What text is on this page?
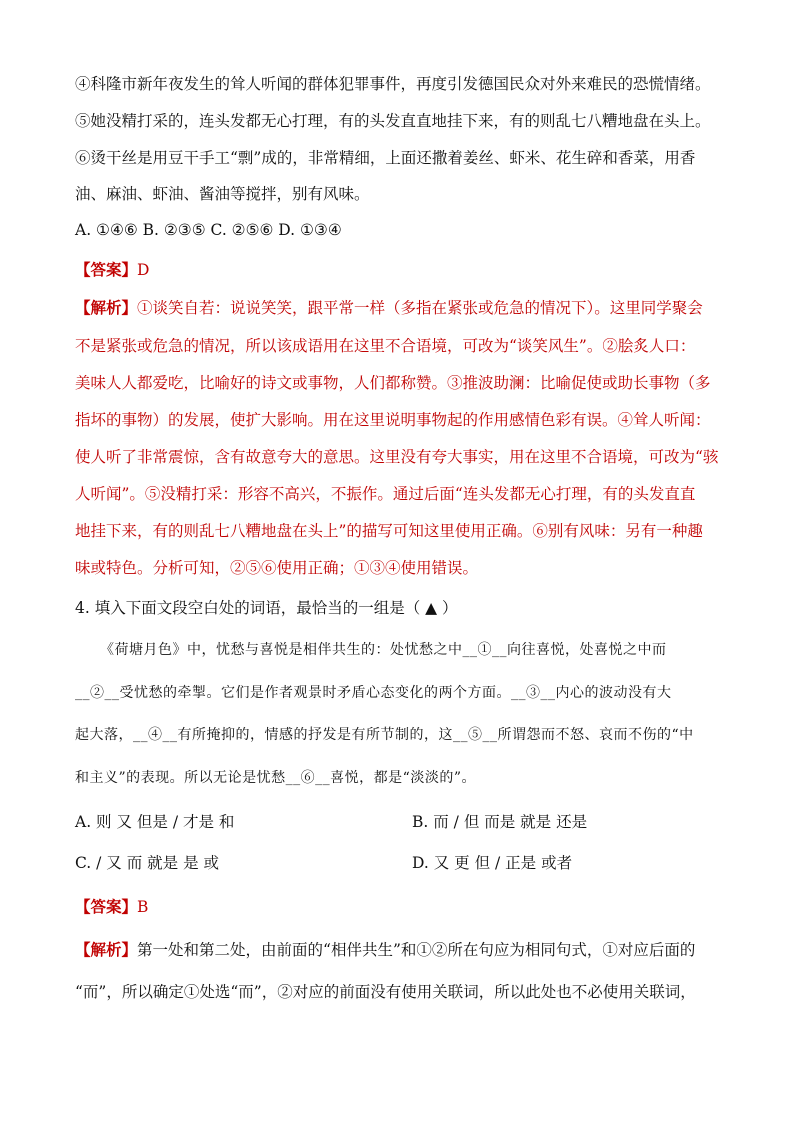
④科隆市新年夜发生的耸人听闻的群体犯罪事件，再度引发德国民众对外来难民的恐慌情绪。
⑤她没精打采的，连头发都无心打理，有的头发直直地挂下来，有的则乱七八糟地盘在头上。
⑥烫干丝是用豆干手工“剽”成的，非常精细，上面还撒着姜丝、虾米、花生碎和香菜，用香
油、麻油、虾油、酱油等搅拌，别有风味。
A. ①④⑥ B. ②③⑤ C. ②⑤⑥ D. ①③④
【答案】D
【解析】①谈笑自若：说说笑笑，跟平常一样（多指在紧张或危急的情况下）。这里同学聚会
不是紧张或危急的情况，所以该成语用在这里不合语境，可改为“谈笑风生”。②脍炙人口：
美味人人都爱吃，比喻好的诗文或事物，人们都称赞。③推波助澜：比喻促使或助长事物（多
指坏的事物）的发展，使扩大影响。用在这里说明事物起的作用感情色彩有误。④耸人听闻：
使人听了非常震惊，含有故意夸大的意思。这里没有夸大事实，用在这里不合语境，可改为“骇
人听闻”。⑤没精打采：形容不高兴，不振作。通过后面“连头发都无心打理，有的头发直直
地挂下来，有的则乱七八糟地盘在头上”的描写可知这里使用正确。⑥别有风味：另有一种趣
味或特色。分析可知，②⑤⑥使用正确；①③④使用错误。
4. 填入下面文段空白处的词语，最恰当的一组是（ ▲ ）
《荷塘月色》中，忧愁与喜悦是相伴共生的：处忧愁之中__①__向往喜悦，处喜悦之中而
__②__受忧愁的牵掣。它们是作者观景时矛盾心态变化的两个方面。__③__内心的波动没有大
起大落，__④__有所掩抑的，情感的抒发是有所节制的，这__⑤__所谓怨而不怒、哀而不伤的“中
和主义”的表现。所以无论是忧愁__⑥__喜悦，都是“淡淡的”。
A. 则 又 但是 / 才是 和	B. 而 / 但 而是 就是 还是
C. / 又 而 就是 是 或	D. 又 更 但 / 正是 或者
【答案】B
【解析】第一处和第二处，由前面的“相伴共生”和①②所在句应为相同句式，①对应后面的
“而”，所以确定①处选“而”，②对应的前面没有使用关联词，所以此处也不必使用关联词，
